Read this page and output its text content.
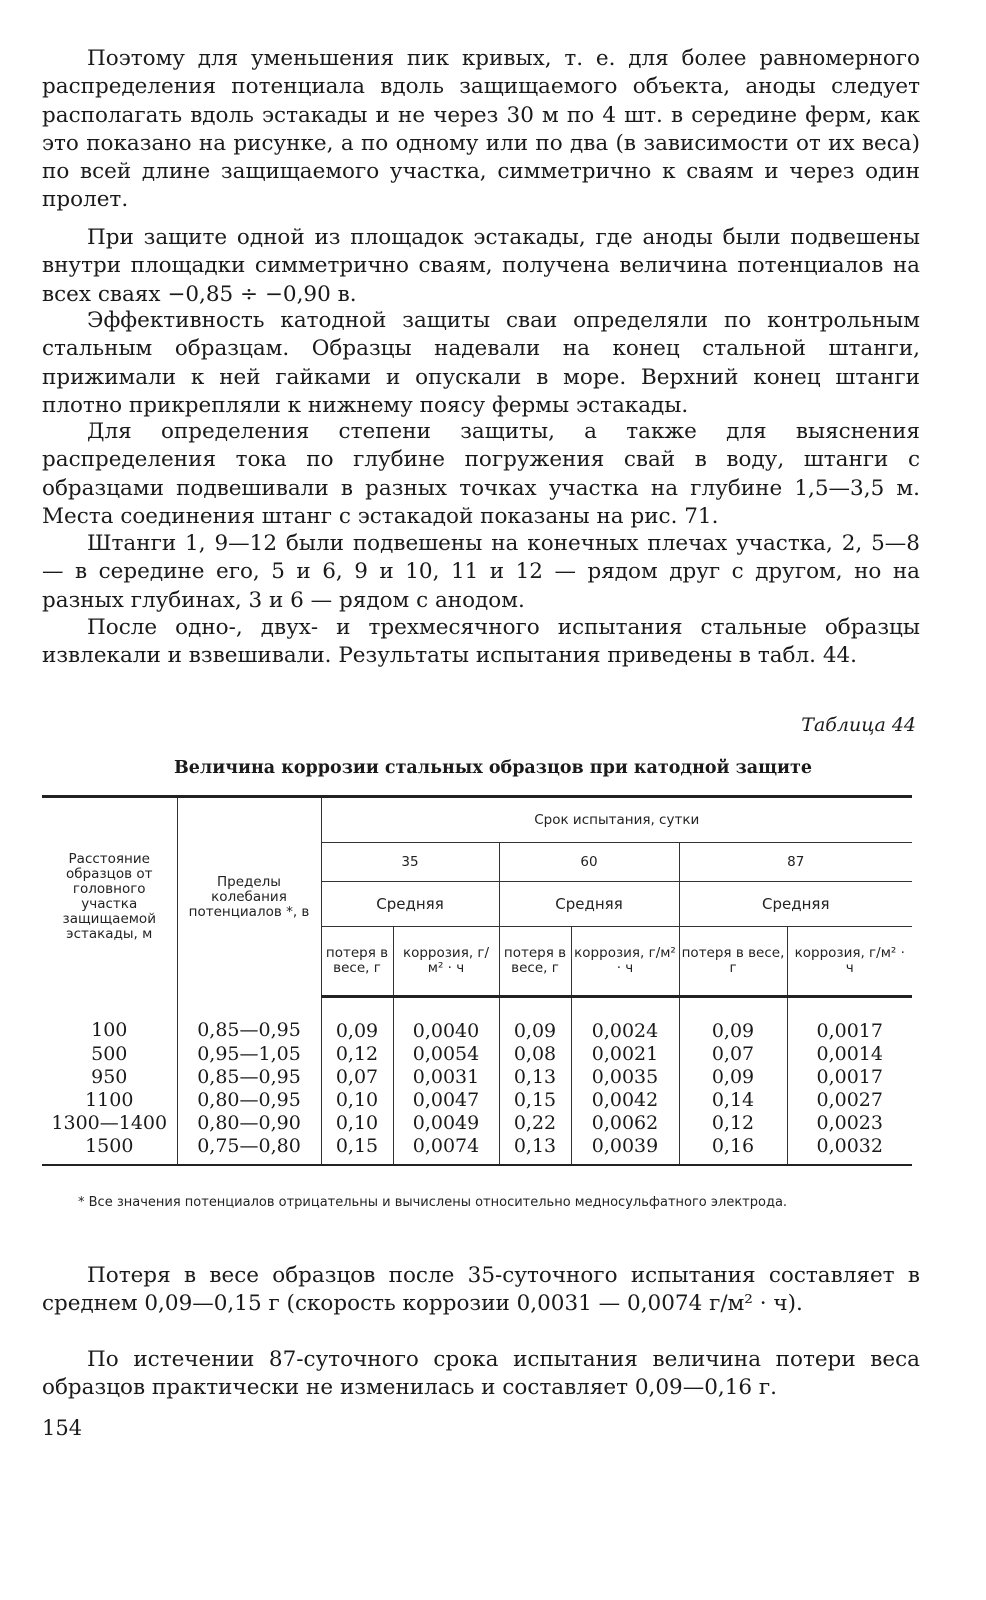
Поэтому для уменьшения пик кривых, т. е. для более равномерного распределения потенциала вдоль защищаемого объекта, аноды следует располагать вдоль эстакады и не через 30 м по 4 шт. в середине ферм, как это показано на рисунке, а по одному или по два (в зависимости от их веса) по всей длине защищаемого участка, симметрично к сваям и через один пролет.

При защите одной из площадок эстакады, где аноды были подвешены внутри площадки симметрично сваям, получена величина потенциалов на всех сваях −0,85 ÷ −0,90 в.

Эффективность катодной защиты сваи определяли по контрольным стальным образцам. Образцы надевали на конец стальной штанги, прижимали к ней гайками и опускали в море. Верхний конец штанги плотно прикрепляли к нижнему поясу фермы эстакады.

Для определения степени защиты, а также для выяснения распределения тока по глубине погружения свай в воду, штанги с образцами подвешивали в разных точках участка на глубине 1,5—3,5 м. Места соединения штанг с эстакадой показаны на рис. 71.

Штанги 1, 9—12 были подвешены на конечных плечах участка, 2, 5—8 — в середине его, 5 и 6, 9 и 10, 11 и 12 — рядом друг с другом, но на разных глубинах, 3 и 6 — рядом с анодом.

После одно-, двух- и трехмесячного испытания стальные образцы извлекали и взвешивали. Результаты испытания приведены в табл. 44.

Таблица 44
Величина коррозии стальных образцов при катодной защите
Расстояние образцов от головного участка защищаемой эстакады, м	Пределы колебания потенциалов *, в	Срок испытания, сутки					
		35		60		87	
		Средняя		Средняя		Средняя	
		потеря в весе, г	коррозия, г/м² · ч	потеря в весе, г	коррозия, г/м² · ч	потеря в весе, г	коррозия, г/м² · ч
100	0,85—0,95	0,09	0,0040	0,09	0,0024	0,09	0,0017
500	0,95—1,05	0,12	0,0054	0,08	0,0021	0,07	0,0014
950	0,85—0,95	0,07	0,0031	0,13	0,0035	0,09	0,0017
1100	0,80—0,95	0,10	0,0047	0,15	0,0042	0,14	0,0027
1300—1400	0,80—0,90	0,10	0,0049	0,22	0,0062	0,12	0,0023
1500	0,75—0,80	0,15	0,0074	0,13	0,0039	0,16	0,0032

* Все значения потенциалов отрицательны и вычислены относительно медносульфатного электрода.

Потеря в весе образцов после 35-суточного испытания составляет в среднем 0,09—0,15 г (скорость коррозии 0,0031 — 0,0074 г/м² · ч).

По истечении 87-суточного срока испытания величина потери веса образцов практически не изменилась и составляет 0,09—0,16 г.

154
